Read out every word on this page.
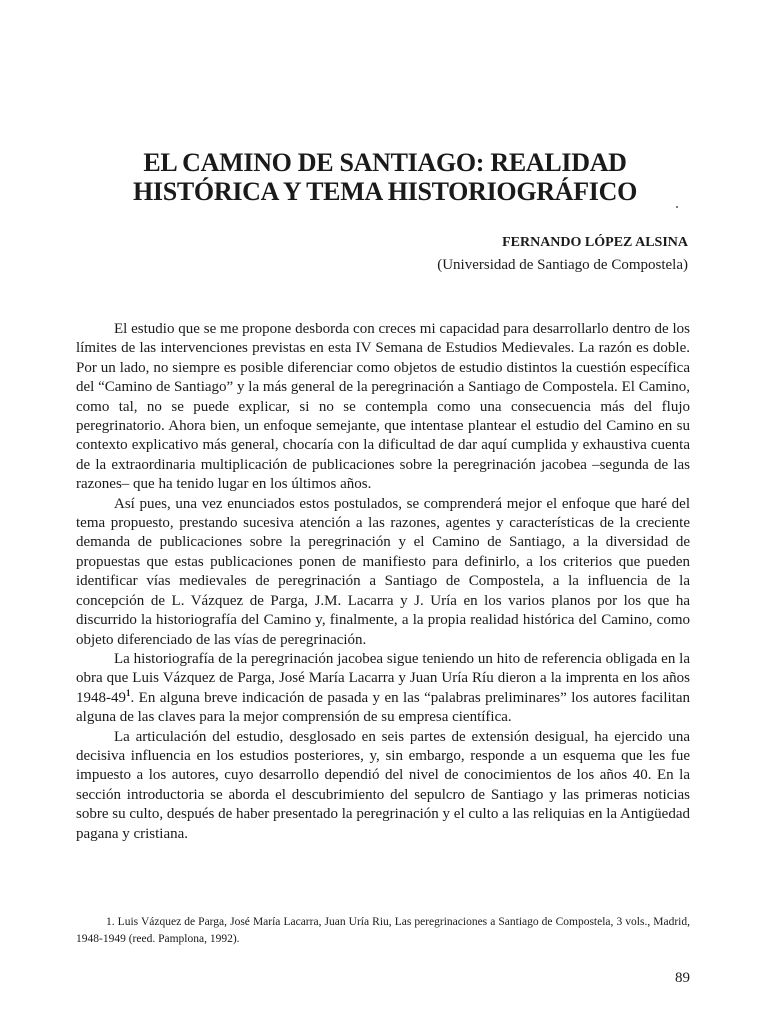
EL CAMINO DE SANTIAGO: REALIDAD
HISTÓRICA Y TEMA HISTORIOGRÁFICO
FERNANDO LÓPEZ ALSINA
(Universidad de Santiago de Compostela)

El estudio que se me propone desborda con creces mi capacidad para desarrollarlo dentro de los límites de las intervenciones previstas en esta IV Semana de Estudios Medievales. La razón es doble. Por un lado, no siempre es posible diferenciar como objetos de estudio distintos la cuestión específica del “Camino de Santiago” y la más general de la peregrinación a Santiago de Compostela. El Camino, como tal, no se puede explicar, si no se contempla como una consecuencia más del flujo peregrinatorio. Ahora bien, un enfoque semejante, que intentase plantear el estudio del Camino en su contexto explicativo más general, chocaría con la dificultad de dar aquí cumplida y exhaustiva cuenta de la extraordinaria multiplicación de publicaciones sobre la peregrinación jacobea –segunda de las razones– que ha tenido lugar en los últimos años.

Así pues, una vez enunciados estos postulados, se comprenderá mejor el enfoque que haré del tema propuesto, prestando sucesiva atención a las razones, agentes y características de la creciente demanda de publicaciones sobre la peregrinación y el Camino de Santiago, a la diversidad de propuestas que estas publicaciones ponen de manifiesto para definirlo, a los criterios que pueden identificar vías medievales de peregrinación a Santiago de Compostela, a la influencia de la concepción de L. Vázquez de Parga, J.M. Lacarra y J. Uría en los varios planos por los que ha discurrido la historiografía del Camino y, finalmente, a la propia realidad histórica del Camino, como objeto diferenciado de las vías de peregrinación.

La historiografía de la peregrinación jacobea sigue teniendo un hito de referencia obligada en la obra que Luis Vázquez de Parga, José María Lacarra y Juan Uría Ríu dieron a la imprenta en los años $1948-49^1$. En alguna breve indicación de pasada y en las “palabras preliminares” los autores facilitan alguna de las claves para la mejor comprensión de su empresa científica.

La articulación del estudio, desglosado en seis partes de extensión desigual, ha ejercido una decisiva influencia en los estudios posteriores, y, sin embargo, responde a un esquema que les fue impuesto a los autores, cuyo desarrollo dependió del nivel de conocimientos de los años 40. En la sección introductoria se aborda el descubrimiento del sepulcro de Santiago y las primeras noticias sobre su culto, después de haber presentado la peregrinación y el culto a las reliquias en la Antigüedad pagana y cristiana.

1. Luis Vázquez de Parga, José María Lacarra, Juan Uría Riu, Las peregrinaciones a Santiago de Compostela, 3 vols., Madrid, 1948-1949 (reed. Pamplona, 1992).

89
